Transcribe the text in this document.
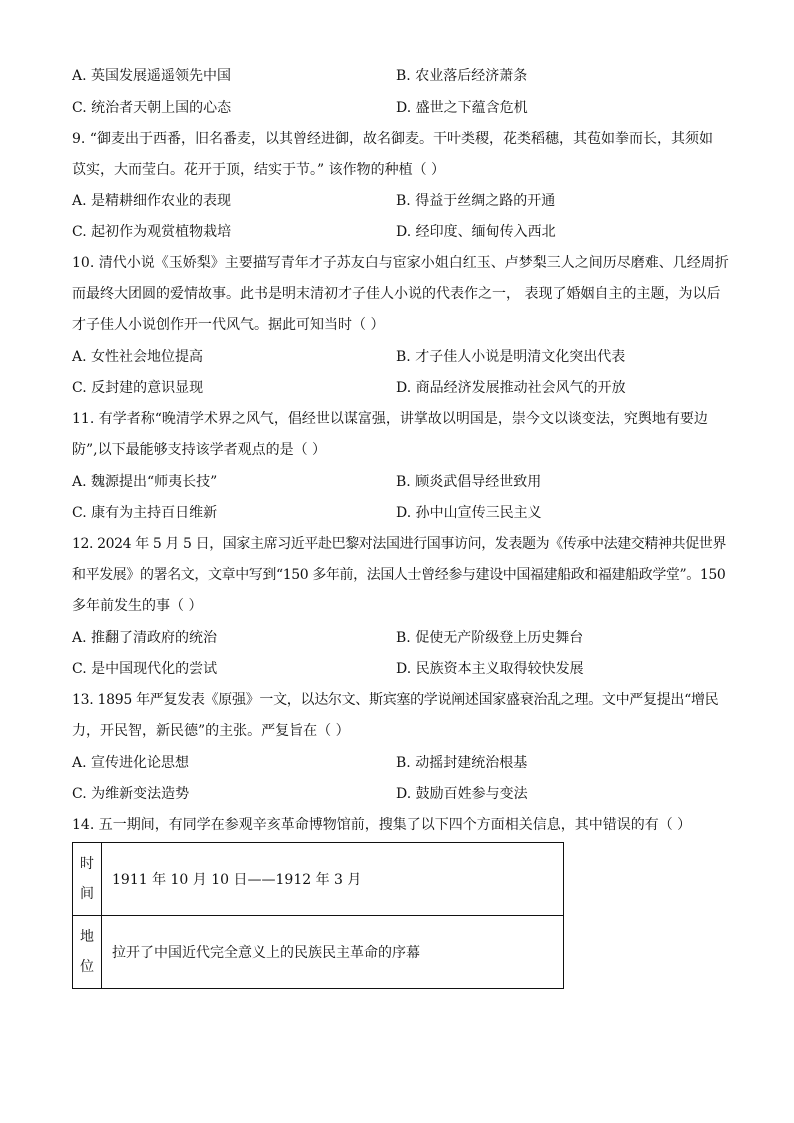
A. 英国发展遥遥领先中国	B. 农业落后经济萧条
C. 统治者天朝上国的心态	D. 盛世之下蕴含危机
9. “御麦出于西番，旧名番麦，以其曾经进御，故名御麦。干叶类稷，花类稻穗，其苞如拳而长，其须如
苡实，大而莹白。花开于顶，结实于节。” 该作物的种植（ ）
A. 是精耕细作农业的表现	B. 得益于丝绸之路的开通
C. 起初作为观赏植物栽培	D. 经印度、缅甸传入西北
10. 清代小说《玉娇梨》主要描写青年才子苏友白与宦家小姐白红玉、卢梦梨三人之间历尽磨难、几经周折
而最终大团圆的爱情故事。此书是明末清初才子佳人小说的代表作之一， 表现了婚姻自主的主题，为以后
才子佳人小说创作开一代风气。据此可知当时（ ）
A. 女性社会地位提高	B. 才子佳人小说是明清文化突出代表
C. 反封建的意识显现	D. 商品经济发展推动社会风气的开放
11. 有学者称“晚清学术界之风气，倡经世以谋富强，讲掌故以明国是，崇今文以谈变法，究舆地有要边
防”,以下最能够支持该学者观点的是（ ）
A. 魏源提出“师夷长技”	B. 顾炎武倡导经世致用
C. 康有为主持百日维新	D. 孙中山宣传三民主义
12. 2024 年 5 月 5 日，国家主席习近平赴巴黎对法国进行国事访问，发表题为《传承中法建交精神共促世界
和平发展》的署名文，文章中写到“150 多年前，法国人士曾经参与建设中国福建船政和福建船政学堂”。150
多年前发生的事（ ）
A. 推翻了清政府的统治	B. 促使无产阶级登上历史舞台
C. 是中国现代化的尝试	D. 民族资本主义取得较快发展
13. 1895 年严复发表《原强》一文，以达尔文、斯宾塞的学说阐述国家盛衰治乱之理。文中严复提出“增民
力，开民智，新民德”的主张。严复旨在（ ）
A. 宣传进化论思想	B. 动摇封建统治根基
C. 为维新变法造势	D. 鼓励百姓参与变法
14. 五一期间，有同学在参观辛亥革命博物馆前，搜集了以下四个方面相关信息，其中错误的有（ ）
时
间	1911 年 10 月 10 日——1912 年 3 月

地
位	拉开了中国近代完全意义上的民族民主革命的序幕
